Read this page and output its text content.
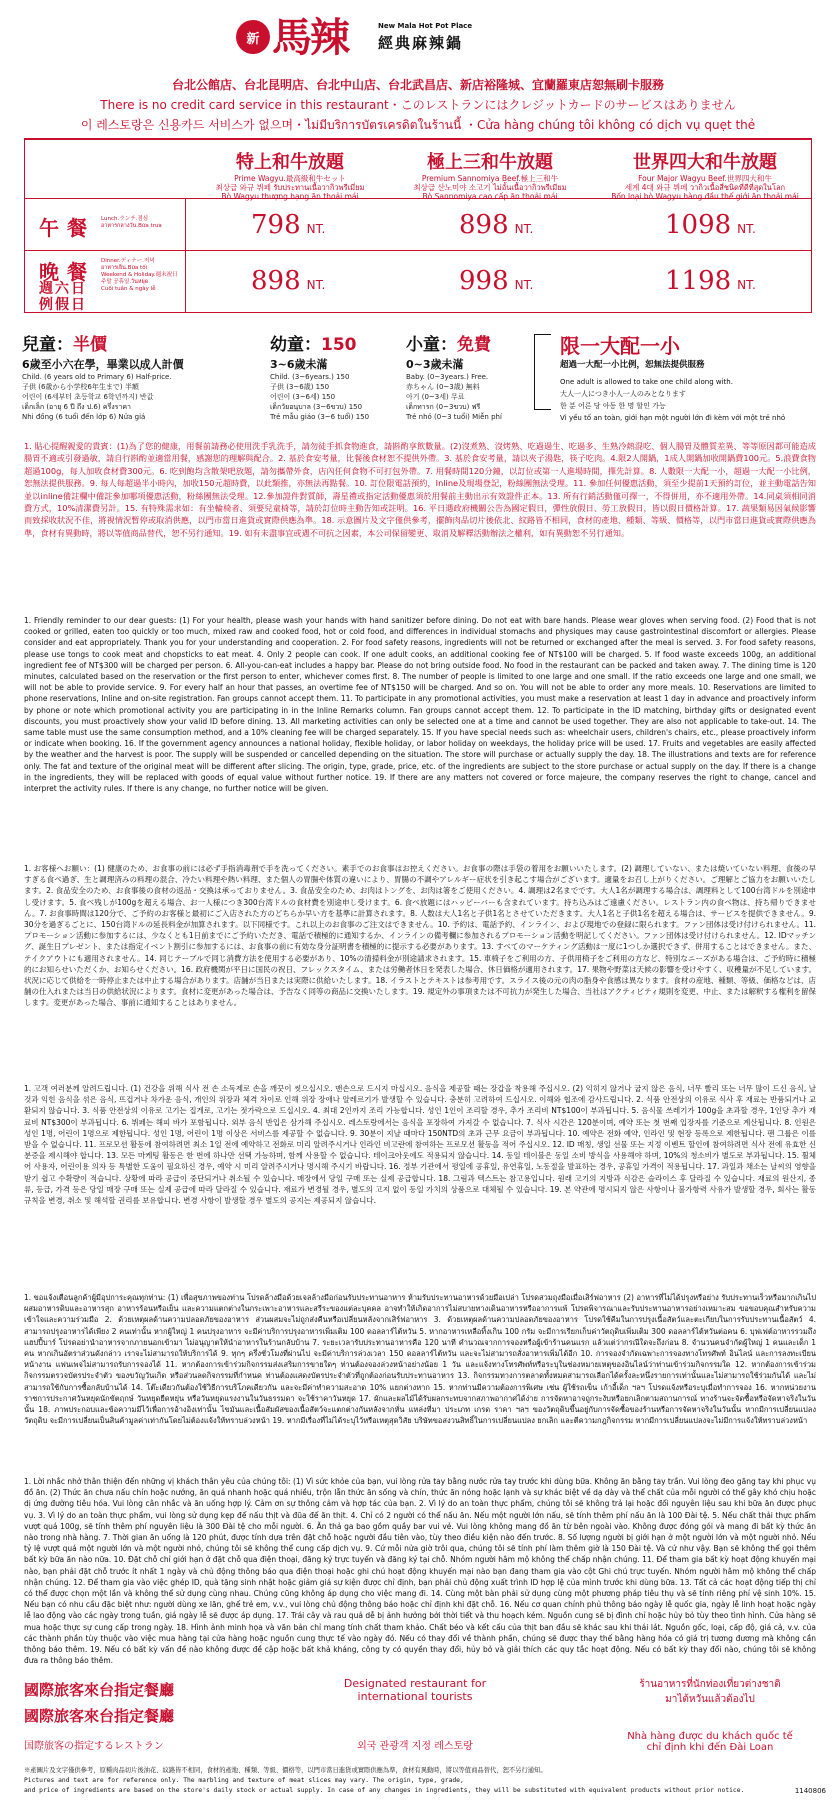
新 馬辣	New Mala Hot Pot Place
經典麻辣鍋
台北公館店、台北昆明店、台北中山店、台北武昌店、新店裕隆城、宜蘭羅東店恕無刷卡服務
There is no credit card service in this restaurant・このレストランにはクレジットカードのサービスはありません
이 레스토랑은 신용카드 서비스가 없으며・ไม่มีบริการบัตรเครดิตในร้านนี้ ・Cửa hàng chúng tôi không có dịch vụ quẹt thẻ
特上和牛放題
Prime Wagyu.最高級和牛セット
최상급 와규 뷔페 รับประทานเนื้อวากิวพรีเมี่ยม
Bò Wagyu thượng hạng ăn thoải mái
極上三和牛放題
Premium Sannomiya Beef.極上三和牛
최상급 산노미야 소고기 ไม่อั้นเนื้อวากิวพรีเมียม
Bò Sannomiya cao cấp ăn thoải mái
世界四大和牛放題
Four Major Wagyu Beef.世界四大和牛
세계 4대 와규 뷔페 วากิวเนื้อสี่ชนิดที่ดีที่สุดในโลก
Bốn loại bò Wagyu hàng đầu thế giới ăn thoải mái
午餐 Lunch.ランチ.점심
อาหารกลางวัน.Bữa trưa	798 NT.	898 NT.	1098 NT.
晚餐
週六日
例假日
Dinner.ディナー.저녁
อาหารเย็น.Bữa tối
Weekend & Holiday.週末祝日
주말 공휴일.วันหยุด
Cuối tuần & ngày lễ	898 NT.	998 NT.	1198 NT.
兒童：半價
6歲至小六在學，畢業以成人計價
Child. (6 years old to Primary 6) Half-price.
子供 (6歳から小学校6年生まで) 半額
어린이 (6세부터 초등학교 6학년까지) 반값
เด็กเล็ก (อายุ 6 ปี ถึง ป.6) ครึ่งราคา
Nhi đồng (6 tuổi đến lớp 6) Nửa giá
幼童：150
3~6歲未滿
Child. (3~6years.) 150
子供 (3~6歳) 150
어린이 (3~6세) 150
เด็กวัยอนุบาล (3~6ขวบ) 150
Trẻ mẫu giáo (3~6 tuổi) 150
小童：免費
0~3歲未滿
Baby. (0~3years.) Free.
赤ちゃん (0~3歳) 無料
아기 (0~3세) 무료
เด็กทารก (0~3ขวบ) ฟรี
Trẻ nhỏ (0~3 tuổi) Miễn phí
限一大配一小
超過一大配一小比例，恕無法提供服務
One adult is allowed to take one child along with.
大人一人につき小人一人のみとなります
한 분 어른 당 아동 한 명 할인 가능
Vì yếu tố an toàn, giới hạn một người lớn đi kèm với một trẻ nhỏ
1. 貼心提醒親愛的貴賓：(1)為了您的健康，用餐前請務必使用洗手乳洗手，請勿徒手抓食物進食，請斟酌享飲數量。(2)沒煮熟、沒烤熟、吃過過生、吃過多、生熟冷熱混吃、個人腸胃及體質差異、等等原因都可能造成腸胃不適或引發過敏，請自行斟酌並適當用餐，感謝您的理解與配合。2. 基於食安考量，比餐後食材恕不提供外帶。3. 基於食安考量，請以夾子湯匙，筷子吃肉。4.限2人開鍋，1成人開鍋加收開鍋費100元。5.浪費食物超過100g，每人加收食材費300元。6. 吃到飽均含散架吧放題，請勿攜帶外食，店內任何食物不可打包外帶。7. 用餐時間120分鐘，以訂位或第一人進場時間，擇先計算。8. 人數限一大配一小，超過一大配一小比例，恕無法提供服務。9. 每人每超過半小時內，加收150元超時費，以此類推，亦無法再點餐。10. 訂位限電話預約，Inline及現場登記，粉絲團無法受理。11. 參加任何優惠活動，須至少提前1天預約訂位，並主動電話告知並以inline備註欄中備註參加哪項優惠活動，粉絲團無法受理。12.參加證件對質師，壽星禮或指定活動優惠須於用餐前主動出示有效證件正本。13. 所有行銷活動僅可擇一，不得併用，亦不適用外帶。14.同桌須相同消費方式，10%清潔費另計。15. 有特殊需求如：有坐輪椅者、須要兒童椅等，請於訂位時主動告知或註明。16. 平日遇政府機關公告為國定假日，彈性放假日、勞工放假日，皆以假日價格計算。17. 蔬果類易因氣候影響而致採收狀況不佳，將視情況暫停或取消供應，以門市當日進貨或實際供應為準。18. 示意圖片及文字僅供參考，擺飾肉品切片後依北、紋路皆不相同，食材的產地、種類、等級、價格等，以門市當日進貨或實際供應為準，食材有異動時，將以等值商品替代，恕不另行通知。19. 如有未盡事宜或遇不可抗之因素，本公司保留變更、取消及解釋活動辦法之權利，如有異動恕不另行通知。
1. Friendly reminder to our dear guests: (1) For your health, please wash your hands with hand sanitizer before dining. Do not eat with bare hands. Please wear gloves when serving food. (2) Food that is not cooked or grilled, eaten too quickly or too much, mixed raw and cooked food, hot or cold food, and differences in individual stomachs and physiques may cause gastrointestinal discomfort or allergies. Please consider and eat appropriately. Thank you for your understanding and cooperation. 2. For food safety reasons, ingredients will not be returned or exchanged after the meal is served. 3. For food safety reasons, please use tongs to cook meat and chopsticks to eat meat. 4. Only 2 people can cook. If one adult cooks, an additional cooking fee of NT$100 will be charged. 5. If food waste exceeds 100g, an additional ingredient fee of NT$300 will be charged per person. 6. All-you-can-eat includes a happy bar. Please do not bring outside food. No food in the restaurant can be packed and taken away. 7. The dining time is 120 minutes, calculated based on the reservation or the first person to enter, whichever comes first. 8. The number of people is limited to one large and one small. If the ratio exceeds one large and one small, we will not be able to provide service. 9. For every half an hour that passes, an overtime fee of NT$150 will be charged. And so on. You will not be able to order any more meals. 10. Reservations are limited to phone reservations, Inline and on-site registration. Fan groups cannot accept them. 11. To participate in any promotional activities, you must make a reservation at least 1 day in advance and proactively inform by phone or note which promotional activity you are participating in in the Inline Remarks column. Fan groups cannot accept them. 12. To participate in the ID matching, birthday gifts or designated event discounts, you must proactively show your valid ID before dining. 13. All marketing activities can only be selected one at a time and cannot be used together. They are also not applicable to take-out. 14. The same table must use the same consumption method, and a 10% cleaning fee will be charged separately. 15. If you have special needs such as: wheelchair users, children's chairs, etc., please proactively inform or indicate when booking. 16. If the government agency announces a national holiday, flexible holiday, or labor holiday on weekdays, the holiday price will be used. 17. Fruits and vegetables are easily affected by the weather and the harvest is poor. The supply will be suspended or cancelled depending on the situation. The store will purchase or actually supply the day. 18. The illustrations and texts are for reference only. The fat and texture of the original meat will be different after slicing. The origin, type, grade, price, etc. of the ingredients are subject to the store purchase or actual supply on the day. If there is a change in the ingredients, they will be replaced with goods of equal value without further notice. 19. If there are any matters not covered or force majeure, the company reserves the right to change, cancel and interpret the activity rules. If there is any change, no further notice will be given.
1. お客様へお願い：(1) 健康のため、お食事の前には必ず手指消毒剤で手を洗ってください。素手でのお食事はお控えください。お食事の際は手袋の着用をお願いいたします。(2) 調理していない、または焼いていない料理、食後の早すぎる食べ過ぎ、生と調理済みの料理の混合、冷たい料理や熱い料理、また個人の胃腸や体質の違いにより、胃腸の不調やアレルギー症状を引き起こす場合がございます。適量をお召し上がりください。ご理解とご協力をお願いいたします。2. 食品安全のため、お食事後の食材の返品・交換は承っておりません。3. 食品安全のため、お肉はトングを、お肉は箸をご使用ください。4. 調理は2名までです。大人1名が調理する場合は、調理料として100台湾ドルを別途申し受けます。5. 食べ残しが100gを超える場合、お一人様につき300台湾ドルの食材費を別途申し受けます。6. 食べ放題にはハッピーバーも含まれています。持ち込みはご遠慮ください。レストラン内の食べ物は、持ち帰りできません。7. お食事時間は120分で、ご予約のお客様と最初にご入店された方のどちらか早い方を基準に計算されます。8. 人数は大人1名と子供1名とさせていただきます。大人1名と子供1名を超える場合は、サービスを提供できません。9. 30分を過ぎるごとに、150台湾ドルの延長料金が加算されます。以下同様です。これ以上のお食事のご注文はできません。10. 予約は、電話予約、インライン、および現地での登録に限られます。ファン団体は受け付けられません。11. プロモーション活動に参加するには、少なくとも1日前までにご予約いただき、電話で積極的に通知するか、インラインの備考欄に参加されるプロモーション活動を明記してください。ファン団体は受け付けられません。12. IDマッチング、誕生日プレゼント、または指定イベント割引に参加するには、お食事の前に有効な身分証明書を積極的に提示する必要があります。13. すべてのマーケティング活動は一度に1つしか選択できず、併用することはできません。また、テイクアウトにも適用されません。14. 同じテーブルで同じ消費方法を使用する必要があり、10%の清掃料金が別途請求されます。15. 車椅子をご利用の方、子供用椅子をご利用の方など、特別なニーズがある場合は、ご予約時に積極的にお知らせいただくか、お知らせください。16. 政府機関が平日に国民の祝日、フレックスタイム、または労働者休日を発表した場合、休日価格が適用されます。17. 果物や野菜は天候の影響を受けやすく、収穫量が不足しています。状況に応じて供給を一時停止または中止する場合があります。店舗が当日または実際に供給いたします。18. イラストとテキストは参考用です。スライス後の元の肉の脂身や食感は異なります。食材の産地、種類、等級、価格などは、店舗の仕入れまたは当日の供給状況によります。食材に変更があった場合は、予告なく同等の商品に交換いたします。19. 規定外の事項または不可抗力が発生した場合、当社はアクティビティ規則を変更、中止、または解釈する権利を留保します。変更があった場合、事前に通知することはありません。
1. 고객 여러분께 알려드립니다. (1) 건강을 위해 식사 전 손 소독제로 손을 깨끗이 씻으십시오. 맨손으로 드시지 마십시오. 음식을 제공할 때는 장갑을 착용해 주십시오. (2) 익히지 않거나 굽지 않은 음식, 너무 빨리 또는 너무 많이 드신 음식, 날것과 익힌 음식을 섞은 음식, 뜨겁거나 차가운 음식, 개인의 위장과 체격 차이로 인해 위장 장애나 알레르기가 발생할 수 있습니다. 충분히 고려하여 드십시오. 이해와 협조에 감사드립니다. 2. 식품 안전상의 이유로 식사 후 재료는 반품되거나 교환되지 않습니다. 3. 식품 안전상의 이유로 고기는 집게로, 고기는 젓가락으로 드십시오. 4. 최대 2인까지 조리 가능합니다. 성인 1인이 조리할 경우, 추가 조리비 NT$100이 부과됩니다. 5. 음식물 쓰레기가 100g을 초과할 경우, 1인당 추가 재료비 NT$300이 부과됩니다. 6. 뷔페는 해피 바가 포함됩니다. 외부 음식 반입은 삼가해 주십시오. 레스토랑에서는 음식을 포장하여 가져갈 수 없습니다. 7. 식사 시간은 120분이며, 예약 또는 첫 번째 입장자를 기준으로 계산됩니다. 8. 인원은 성인 1명, 어린이 1명으로 제한됩니다. 성인 1명, 어린이 1명 이상은 서비스를 제공할 수 없습니다. 9. 30분이 지날 때마다 150NTD의 초과 근무 요금이 부과됩니다. 10. 예약은 전화 예약, 인라인 및 현장 등록으로 제한됩니다. 팬 그룹은 이를 받을 수 없습니다. 11. 프로모션 활동에 참여하려면 최소 1일 전에 예약하고 전화로 미리 알려주시거나 인라인 비고란에 참여하는 프로모션 활동을 적어 주십시오. 12. ID 매칭, 생일 선물 또는 지정 이벤트 할인에 참여하려면 식사 전에 유효한 신분증을 제시해야 합니다. 13. 모든 마케팅 활동은 한 번에 하나만 선택 가능하며, 함께 사용할 수 없습니다. 테이크아웃에도 적용되지 않습니다. 14. 동일 테이블은 동일 소비 방식을 사용해야 하며, 10%의 청소비가 별도로 부과됩니다. 15. 휠체어 사용자, 어린이용 의자 등 특별한 도움이 필요하신 경우, 예약 시 미리 알려주시거나 명시해 주시기 바랍니다. 16. 정부 기관에서 평일에 공휴일, 유연휴일, 노동절을 발표하는 경우, 공휴일 가격이 적용됩니다. 17. 과일과 채소는 날씨의 영향을 받기 쉽고 수확량이 적습니다. 상황에 따라 공급이 중단되거나 취소될 수 있습니다. 매장에서 당일 구매 또는 실제 공급합니다. 18. 그림과 텍스트는 참고용입니다. 원래 고기의 지방과 식감은 슬라이스 후 달라질 수 있습니다. 재료의 원산지, 종류, 등급, 가격 등은 당일 매장 구매 또는 실제 공급에 따라 달라질 수 있습니다. 재료가 변경될 경우, 별도의 고지 없이 동일 가치의 상품으로 대체될 수 있습니다. 19. 본 약관에 명시되지 않은 사항이나 불가항력 사유가 발생할 경우, 회사는 활동 규칙을 변경, 취소 및 해석할 권리를 보유합니다. 변경 사항이 발생할 경우 별도의 공지는 제공되지 않습니다.
1. ขอแจ้งเตือนลูกค้าผู้มีอุปการะคุณทุกท่าน: (1) เพื่อสุขภาพของท่าน โปรดล้างมือด้วยเจลล้างมือก่อนรับประทานอาหาร ห้ามรับประทานอาหารด้วยมือเปล่า โปรดสวมถุงมือเมื่อเสิร์ฟอาหาร (2) อาหารที่ไม่ได้ปรุงหรือย่าง รับประทานเร็วหรือมากเกินไป ผสมอาหารดิบและอาหารสุก อาหารร้อนหรือเย็น และความแตกต่างในกระเพาะอาหารและสรีระของแต่ละบุคคล อาจทำให้เกิดอาการไม่สบายทางเดินอาหารหรืออาการแพ้ โปรดพิจารณาและรับประทานอาหารอย่างเหมาะสม ขอขอบคุณสำหรับความเข้าใจและความร่วมมือ 2. ด้วยเหตุผลด้านความปลอดภัยของอาหาร ส่วนผสมจะไม่ถูกส่งคืนหรือเปลี่ยนหลังจากเสิร์ฟอาหาร 3. ด้วยเหตุผลด้านความปลอดภัยของอาหาร โปรดใช้คีมในการปรุงเนื้อสัตว์และตะเกียบในการรับประทานเนื้อสัตว์ 4. สามารถปรุงอาหารได้เพียง 2 คนเท่านั้น หากผู้ใหญ่ 1 คนปรุงอาหาร จะมีค่าบริการปรุงอาหารเพิ่มเติม 100 ดอลลาร์ไต้หวัน 5. หากอาหารเหลือทิ้งเกิน 100 กรัม จะมีการเรียกเก็บค่าวัตถุดิบเพิ่มเติม 300 ดอลลาร์ไต้หวันต่อคน 6. บุฟเฟต์อาหารรวมถึงแฮปปี้บาร์ โปรดอย่านำอาหารจากภายนอกเข้ามา ไม่อนุญาตให้นำอาหารในร้านกลับบ้าน 7. ระยะเวลารับประทานอาหารคือ 120 นาที คำนวณจากการจองหรือผู้เข้าร้านคนแรก แล้วแต่ว่ากรณีใดจะถึงก่อน 8. จำนวนคนจำกัดผู้ใหญ่ 1 คนและเด็ก 1 คน หากเกินอัตราส่วนดังกล่าว เราจะไม่สามารถให้บริการได้ 9. ทุกๆ ครึ่งชั่วโมงที่ผ่านไป จะมีค่าบริการล่วงเวลา 150 ดอลลาร์ไต้หวัน และจะไม่สามารถสั่งอาหารเพิ่มได้อีก 10. การจองจำกัดเฉพาะการจองทางโทรศัพท์ อินไลน์ และการลงทะเบียนหน้างาน แฟนเพจไม่สามารถรับการจองได้ 11. หากต้องการเข้าร่วมกิจกรรมส่งเสริมการขายใดๆ ท่านต้องจองล่วงหน้าอย่างน้อย 1 วัน และแจ้งทางโทรศัพท์หรือระบุในช่องหมายเหตุของอินไลน์ว่าท่านเข้าร่วมกิจกรรมใด 12. หากต้องการเข้าร่วมกิจกรรมตรวจบัตรประจำตัว ของขวัญวันเกิด หรือส่วนลดกิจกรรมที่กำหนด ท่านต้องแสดงบัตรประจำตัวที่ถูกต้องก่อนรับประทานอาหาร 13. กิจกรรมทางการตลาดทั้งหมดสามารถเลือกได้ครั้งละหนึ่งรายการเท่านั้นและไม่สามารถใช้ร่วมกันได้ และไม่สามารถใช้กับการซื้อกลับบ้านได้ 14. โต๊ะเดียวกันต้องใช้วิธีการบริโภคเดียวกัน และจะมีค่าทำความสะอาด 10% แยกต่างหาก 15. หากท่านมีความต้องการพิเศษ เช่น ผู้ใช้รถเข็น เก้าอี้เด็ก ฯลฯ โปรดแจ้งหรือระบุเมื่อทำการจอง 16. หากหน่วยงานราชการประกาศวันหยุดนักขัตฤกษ์ วันหยุดยืดหยุ่น หรือวันหยุดแรงงานในวันธรรมดา จะใช้ราคาวันหยุด 17. ผักและผลไม้ได้รับผลกระทบจากสภาพอากาศได้ง่าย การจัดหาอาจถูกระงับหรือยกเลิกตามสถานการณ์ ทางร้านจะจัดซื้อหรือจัดหาจริงในวันนั้น 18. ภาพประกอบและข้อความมีไว้เพื่อการอ้างอิงเท่านั้น ไขมันและเนื้อสัมผัสของเนื้อสัตว์จะแตกต่างกันหลังจากหั่น แหล่งที่มา ประเภท เกรด ราคา ฯลฯ ของวัตถุดิบขึ้นอยู่กับการจัดซื้อของร้านหรือการจัดหาจริงในวันนั้น หากมีการเปลี่ยนแปลงวัตถุดิบ จะมีการเปลี่ยนเป็นสินค้ามูลค่าเท่ากันโดยไม่ต้องแจ้งให้ทราบล่วงหน้า 19. หากมีเรื่องที่ไม่ได้ระบุไว้หรือเหตุสุดวิสัย บริษัทขอสงวนสิทธิ์ในการเปลี่ยนแปลง ยกเลิก และตีความกฎกิจกรรม หากมีการเปลี่ยนแปลงจะไม่มีการแจ้งให้ทราบล่วงหน้า
1. Lời nhắc nhở thân thiện đến những vị khách thân yêu của chúng tôi: (1) Vì sức khỏe của bạn, vui lòng rửa tay bằng nước rửa tay trước khi dùng bữa. Không ăn bằng tay trần. Vui lòng đeo găng tay khi phục vụ đồ ăn. (2) Thức ăn chưa nấu chín hoặc nướng, ăn quá nhanh hoặc quá nhiều, trộn lẫn thức ăn sống và chín, thức ăn nóng hoặc lạnh và sự khác biệt về dạ dày và thể chất của mỗi người có thể gây khó chịu hoặc dị ứng đường tiêu hóa. Vui lòng cân nhắc và ăn uống hợp lý. Cảm ơn sự thông cảm và hợp tác của bạn. 2. Vì lý do an toàn thực phẩm, chúng tôi sẽ không trả lại hoặc đổi nguyên liệu sau khi bữa ăn được phục vụ. 3. Vì lý do an toàn thực phẩm, vui lòng sử dụng kẹp để nấu thịt và đũa để ăn thịt. 4. Chỉ có 2 người có thể nấu ăn. Nếu một người lớn nấu, sẽ tính thêm phí nấu ăn là 100 Đài tệ. 5. Nếu chất thải thực phẩm vượt quá 100g, sẽ tính thêm phí nguyên liệu là 300 Đài tệ cho mỗi người. 6. Ăn thả ga bao gồm quầy bar vui vẻ. Vui lòng không mang đồ ăn từ bên ngoài vào. Không được đóng gói và mang đi bất kỳ thức ăn nào trong nhà hàng. 7. Thời gian ăn uống là 120 phút, được tính dựa trên đặt chỗ hoặc người đầu tiên vào, tùy theo điều kiện nào đến trước. 8. Số lượng người bị giới hạn ở một người lớn và một người nhỏ. Nếu tỷ lệ vượt quá một người lớn và một người nhỏ, chúng tôi sẽ không thể cung cấp dịch vụ. 9. Cứ mỗi nửa giờ trôi qua, chúng tôi sẽ tính phí làm thêm giờ là 150 Đài tệ. Và cứ như vậy. Bạn sẽ không thể gọi thêm bất kỳ bữa ăn nào nữa. 10. Đặt chỗ chỉ giới hạn ở đặt chỗ qua điện thoại, đăng ký trực tuyến và đăng ký tại chỗ. Nhóm người hâm mộ không thể chấp nhận chúng. 11. Để tham gia bất kỳ hoạt động khuyến mại nào, bạn phải đặt chỗ trước ít nhất 1 ngày và chủ động thông báo qua điện thoại hoặc ghi chú hoạt động khuyến mại nào bạn đang tham gia vào cột Ghi chú trực tuyến. Nhóm người hâm mộ không thể chấp nhận chúng. 12. Để tham gia vào việc ghép ID, quà tặng sinh nhật hoặc giảm giá sự kiện được chỉ định, bạn phải chủ động xuất trình ID hợp lệ của mình trước khi dùng bữa. 13. Tất cả các hoạt động tiếp thị chỉ có thể được chọn một lần và không thể sử dụng cùng nhau. Chúng cũng không áp dụng cho việc mang đi. 14. Cùng một bàn phải sử dụng cùng một phương pháp tiêu thụ và sẽ tính riêng phí vệ sinh 10%. 15. Nếu bạn có nhu cầu đặc biệt như: người dùng xe lăn, ghế trẻ em, v.v., vui lòng chủ động thông báo hoặc chỉ định khi đặt chỗ. 16. Nếu cơ quan chính phủ thông báo ngày lễ quốc gia, ngày lễ linh hoạt hoặc ngày lễ lao động vào các ngày trong tuần, giá ngày lễ sẽ được áp dụng. 17. Trái cây và rau quả dễ bị ảnh hưởng bởi thời tiết và thu hoạch kém. Nguồn cung sẽ bị đình chỉ hoặc hủy bỏ tùy theo tình hình. Cửa hàng sẽ mua hoặc thực sự cung cấp trong ngày. 18. Hình ảnh minh họa và văn bản chỉ mang tính chất tham khảo. Chất béo và kết cấu của thịt ban đầu sẽ khác sau khi thái lát. Nguồn gốc, loại, cấp độ, giá cả, v.v. của các thành phần tùy thuộc vào việc mua hàng tại cửa hàng hoặc nguồn cung thực tế vào ngày đó. Nếu có thay đổi về thành phần, chúng sẽ được thay thế bằng hàng hóa có giá trị tương đương mà không cần thông báo thêm. 19. Nếu có bất kỳ vấn đề nào không được đề cập hoặc bất khả kháng, công ty có quyền thay đổi, hủy bỏ và giải thích các quy tắc hoạt động. Nếu có bất kỳ thay đổi nào, chúng tôi sẽ không đưa ra thông báo thêm.
國際旅客來台指定餐廳
國際旅客來台指定餐廳
Designated restaurant for
international tourists
ร้านอาหารที่นักท่องเที่ยวต่างชาติ
มาไต้หวันแล้วต้องไป
国際旅客の指定するレストラン	외국 관광객 지정 레스토랑
Nhà hàng được du khách quốc tế
chỉ định khi đến Đài Loan
※產圖片及文字僅供參考，原種肉品切片後油花、紋路皆不相同，食材的產地、種類、等級、價格等，以門市當日進貨或實際供應為準，食材有異動時，將以等值商品替代，恕不另行通知。
Pictures and text are for reference only. The marbling and texture of meat slices may vary. The origin, type, grade,
and price of ingredients are based on the store's daily stock or actual supply. In case of any changes in ingredients, they will be substituted with equivalent products without prior notice.	1140806
